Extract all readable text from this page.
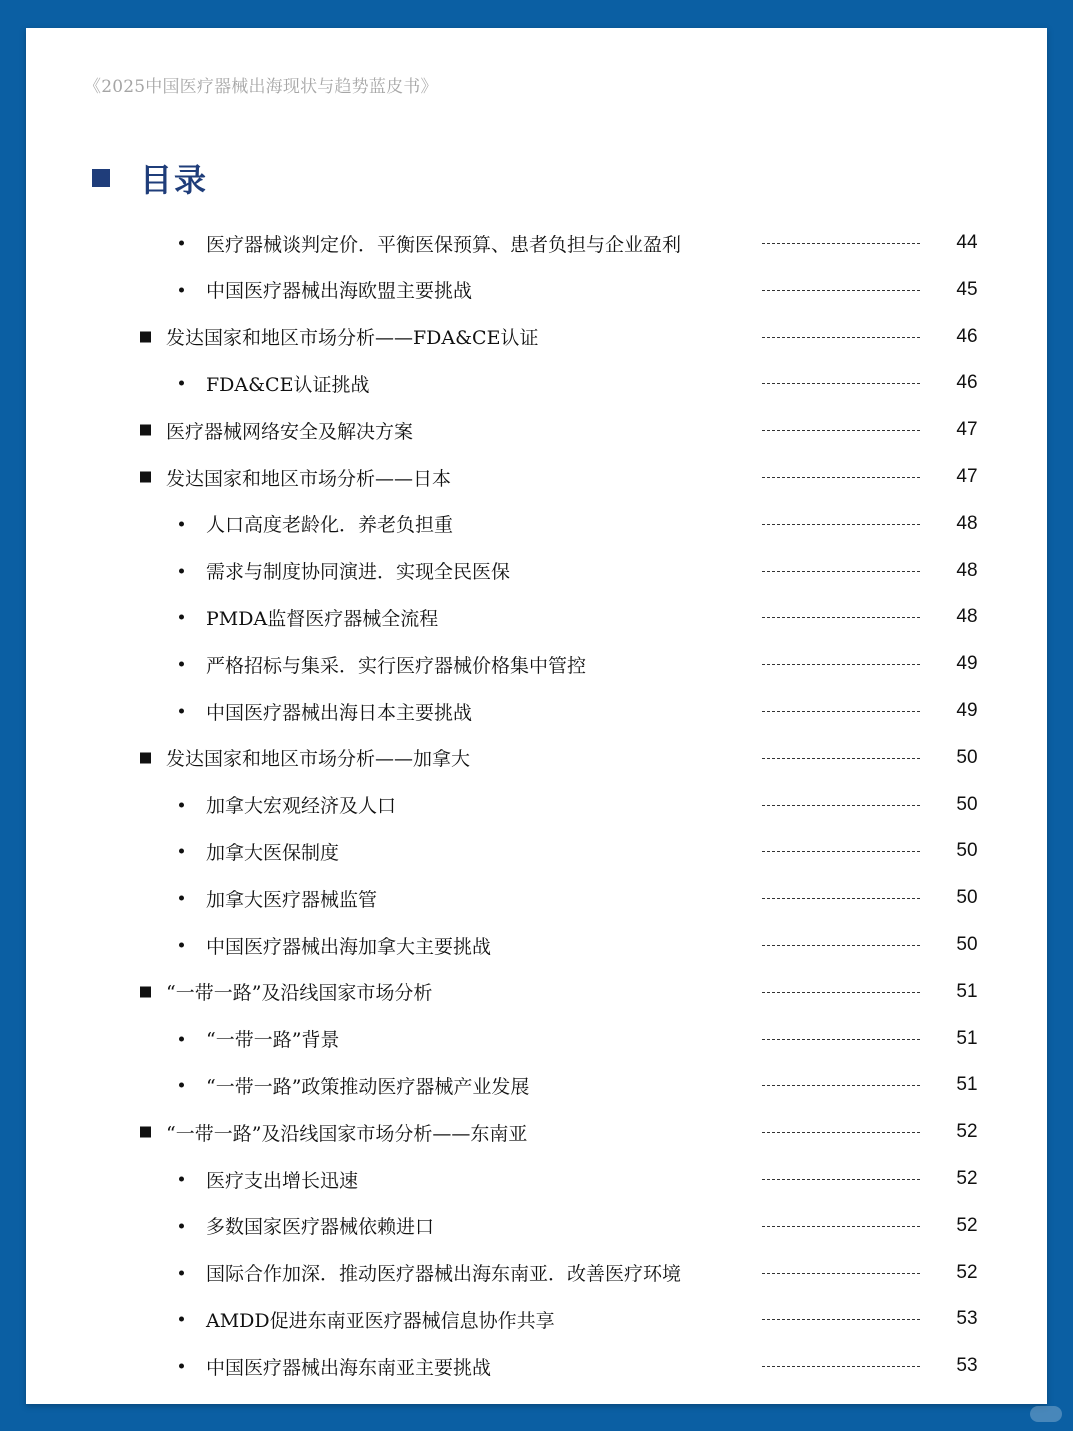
《2025中国医疗器械出海现状与趋势蓝皮书》
目录
医疗器械谈判定价．平衡医保预算、患者负担与企业盈利	44
中国医疗器械出海欧盟主要挑战	45
发达国家和地区市场分析——FDA&CE认证	46
FDA&CE认证挑战	46
医疗器械网络安全及解决方案	47
发达国家和地区市场分析——日本	47
人口高度老龄化．养老负担重	48
需求与制度协同演进．实现全民医保	48
PMDA监督医疗器械全流程	48
严格招标与集采．实行医疗器械价格集中管控	49
中国医疗器械出海日本主要挑战	49
发达国家和地区市场分析——加拿大	50
加拿大宏观经济及人口	50
加拿大医保制度	50
加拿大医疗器械监管	50
中国医疗器械出海加拿大主要挑战	50
“一带一路”及沿线国家市场分析	51
“一带一路”背景	51
“一带一路”政策推动医疗器械产业发展	51
“一带一路”及沿线国家市场分析——东南亚	52
医疗支出增长迅速	52
多数国家医疗器械依赖进口	52
国际合作加深．推动医疗器械出海东南亚．改善医疗环境	52
AMDD促进东南亚医疗器械信息协作共享	53
中国医疗器械出海东南亚主要挑战	53
